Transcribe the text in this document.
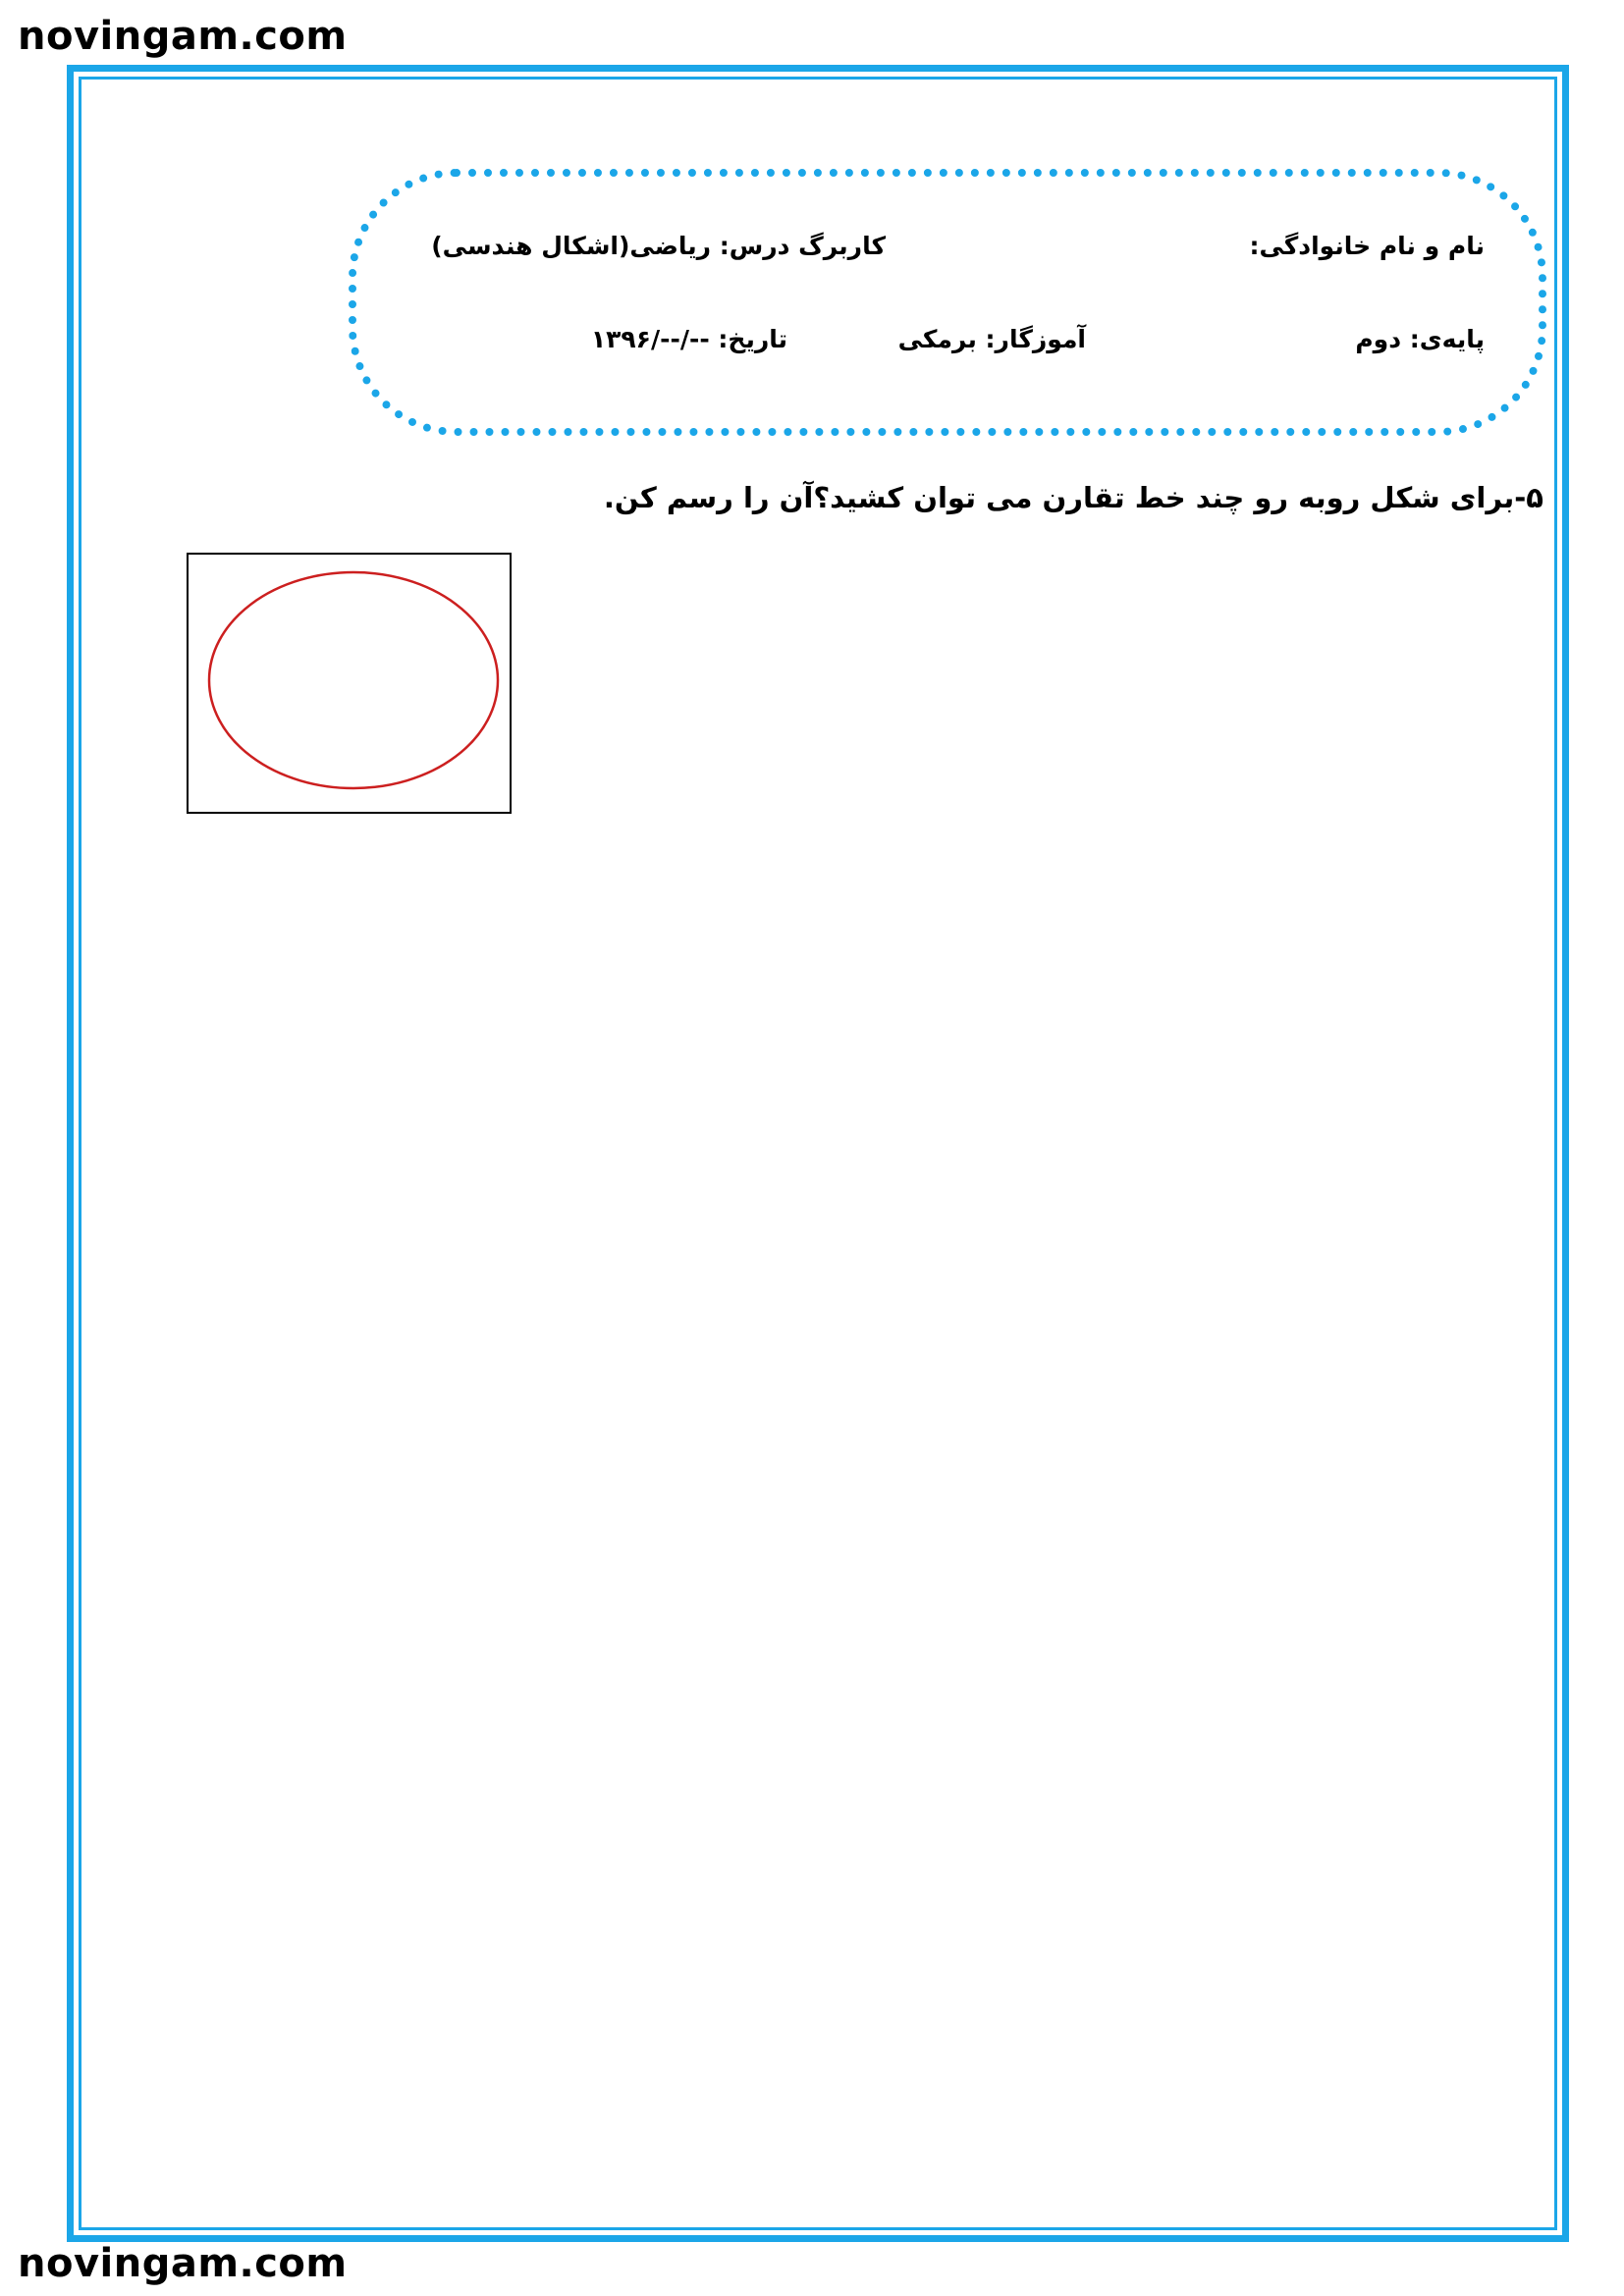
novingam.com
نام و نام خانوادگی:
کاربرگ درس: ریاضی(اشکال هندسی)
پایه‌ی: دوم
آموزگار: برمکی
تاریخ: --/--/۱۳۹۶
۵-برای شکل روبه رو چند خط تقارن می توان کشید؟آن را رسم کن.
novingam.com
